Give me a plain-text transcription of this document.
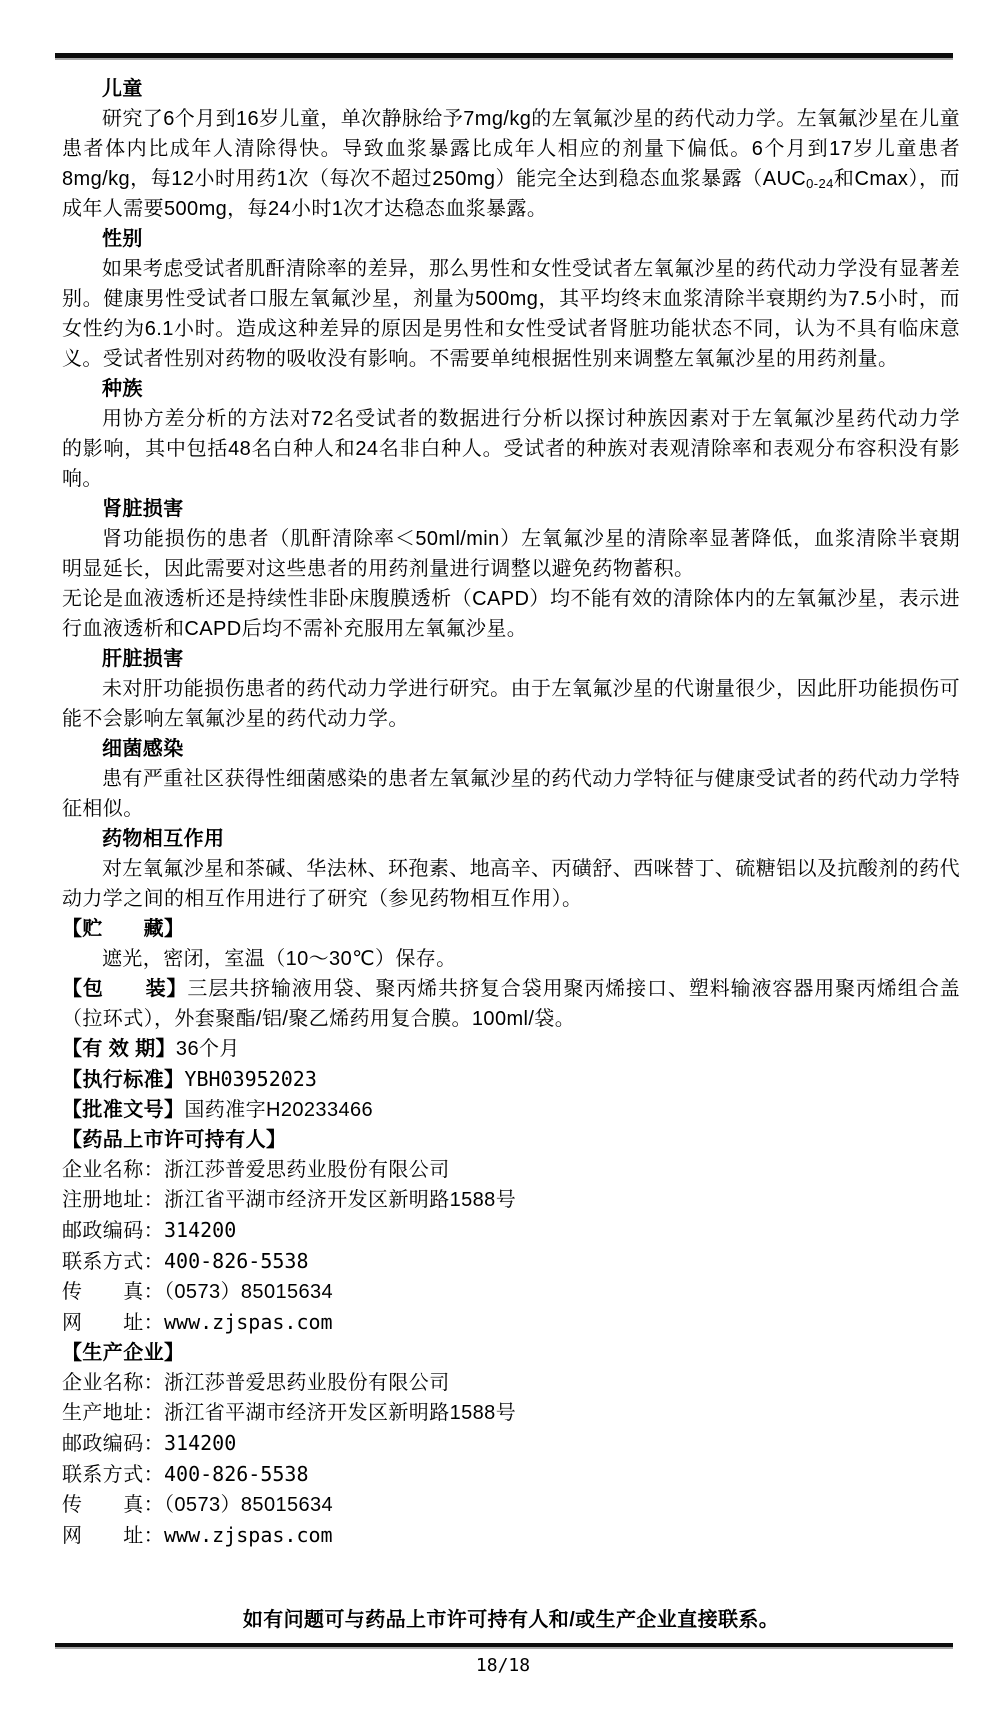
儿童

研究了6个月到16岁儿童，单次静脉给予7mg/kg的左氧氟沙星的药代动力学。左氧氟沙星在儿童患者体内比成年人清除得快。导致血浆暴露比成年人相应的剂量下偏低。6个月到17岁儿童患者8mg/kg，每12小时用药1次（每次不超过250mg）能完全达到稳态血浆暴露（$AUC_{0-24}$和Cmax），而成年人需要500mg，每24小时1次才达稳态血浆暴露。

性别

如果考虑受试者肌酐清除率的差异，那么男性和女性受试者左氧氟沙星的药代动力学没有显著差别。健康男性受试者口服左氧氟沙星，剂量为500mg，其平均终末血浆清除半衰期约为7.5小时，而女性约为6.1小时。造成这种差异的原因是男性和女性受试者肾脏功能状态不同，认为不具有临床意义。受试者性别对药物的吸收没有影响。不需要单纯根据性别来调整左氧氟沙星的用药剂量。

种族

用协方差分析的方法对72名受试者的数据进行分析以探讨种族因素对于左氧氟沙星药代动力学的影响，其中包括48名白种人和24名非白种人。受试者的种族对表观清除率和表观分布容积没有影响。

肾脏损害

肾功能损伤的患者（肌酐清除率＜50ml/min）左氧氟沙星的清除率显著降低，血浆清除半衰期明显延长，因此需要对这些患者的用药剂量进行调整以避免药物蓄积。

无论是血液透析还是持续性非卧床腹膜透析（CAPD）均不能有效的清除体内的左氧氟沙星，表示进行血液透析和CAPD后均不需补充服用左氧氟沙星。

肝脏损害

未对肝功能损伤患者的药代动力学进行研究。由于左氧氟沙星的代谢量很少，因此肝功能损伤可能不会影响左氧氟沙星的药代动力学。

细菌感染

患有严重社区获得性细菌感染的患者左氧氟沙星的药代动力学特征与健康受试者的药代动力学特征相似。

药物相互作用

对左氧氟沙星和茶碱、华法林、环孢素、地高辛、丙磺舒、西咪替丁、硫糖铝以及抗酸剂的药代动力学之间的相互作用进行了研究（参见药物相互作用）。

【贮　　藏】

遮光，密闭，室温（10～30℃）保存。

【包　　装】三层共挤输液用袋、聚丙烯共挤复合袋用聚丙烯接口、塑料输液容器用聚丙烯组合盖（拉环式），外套聚酯/铝/聚乙烯药用复合膜。100ml/袋。

【有 效 期】36个月

【执行标准】YBH03952023

【批准文号】国药准字H20233466

【药品上市许可持有人】

企业名称：浙江莎普爱思药业股份有限公司

注册地址：浙江省平湖市经济开发区新明路1588号

邮政编码：314200

联系方式：400-826-5538

传　　真：（0573）85015634

网　　址：www.zjspas.com

【生产企业】

企业名称：浙江莎普爱思药业股份有限公司

生产地址：浙江省平湖市经济开发区新明路1588号

邮政编码：314200

联系方式：400-826-5538

传　　真：（0573）85015634

网　　址：www.zjspas.com

如有问题可与药品上市许可持有人和/或生产企业直接联系。

18/18
